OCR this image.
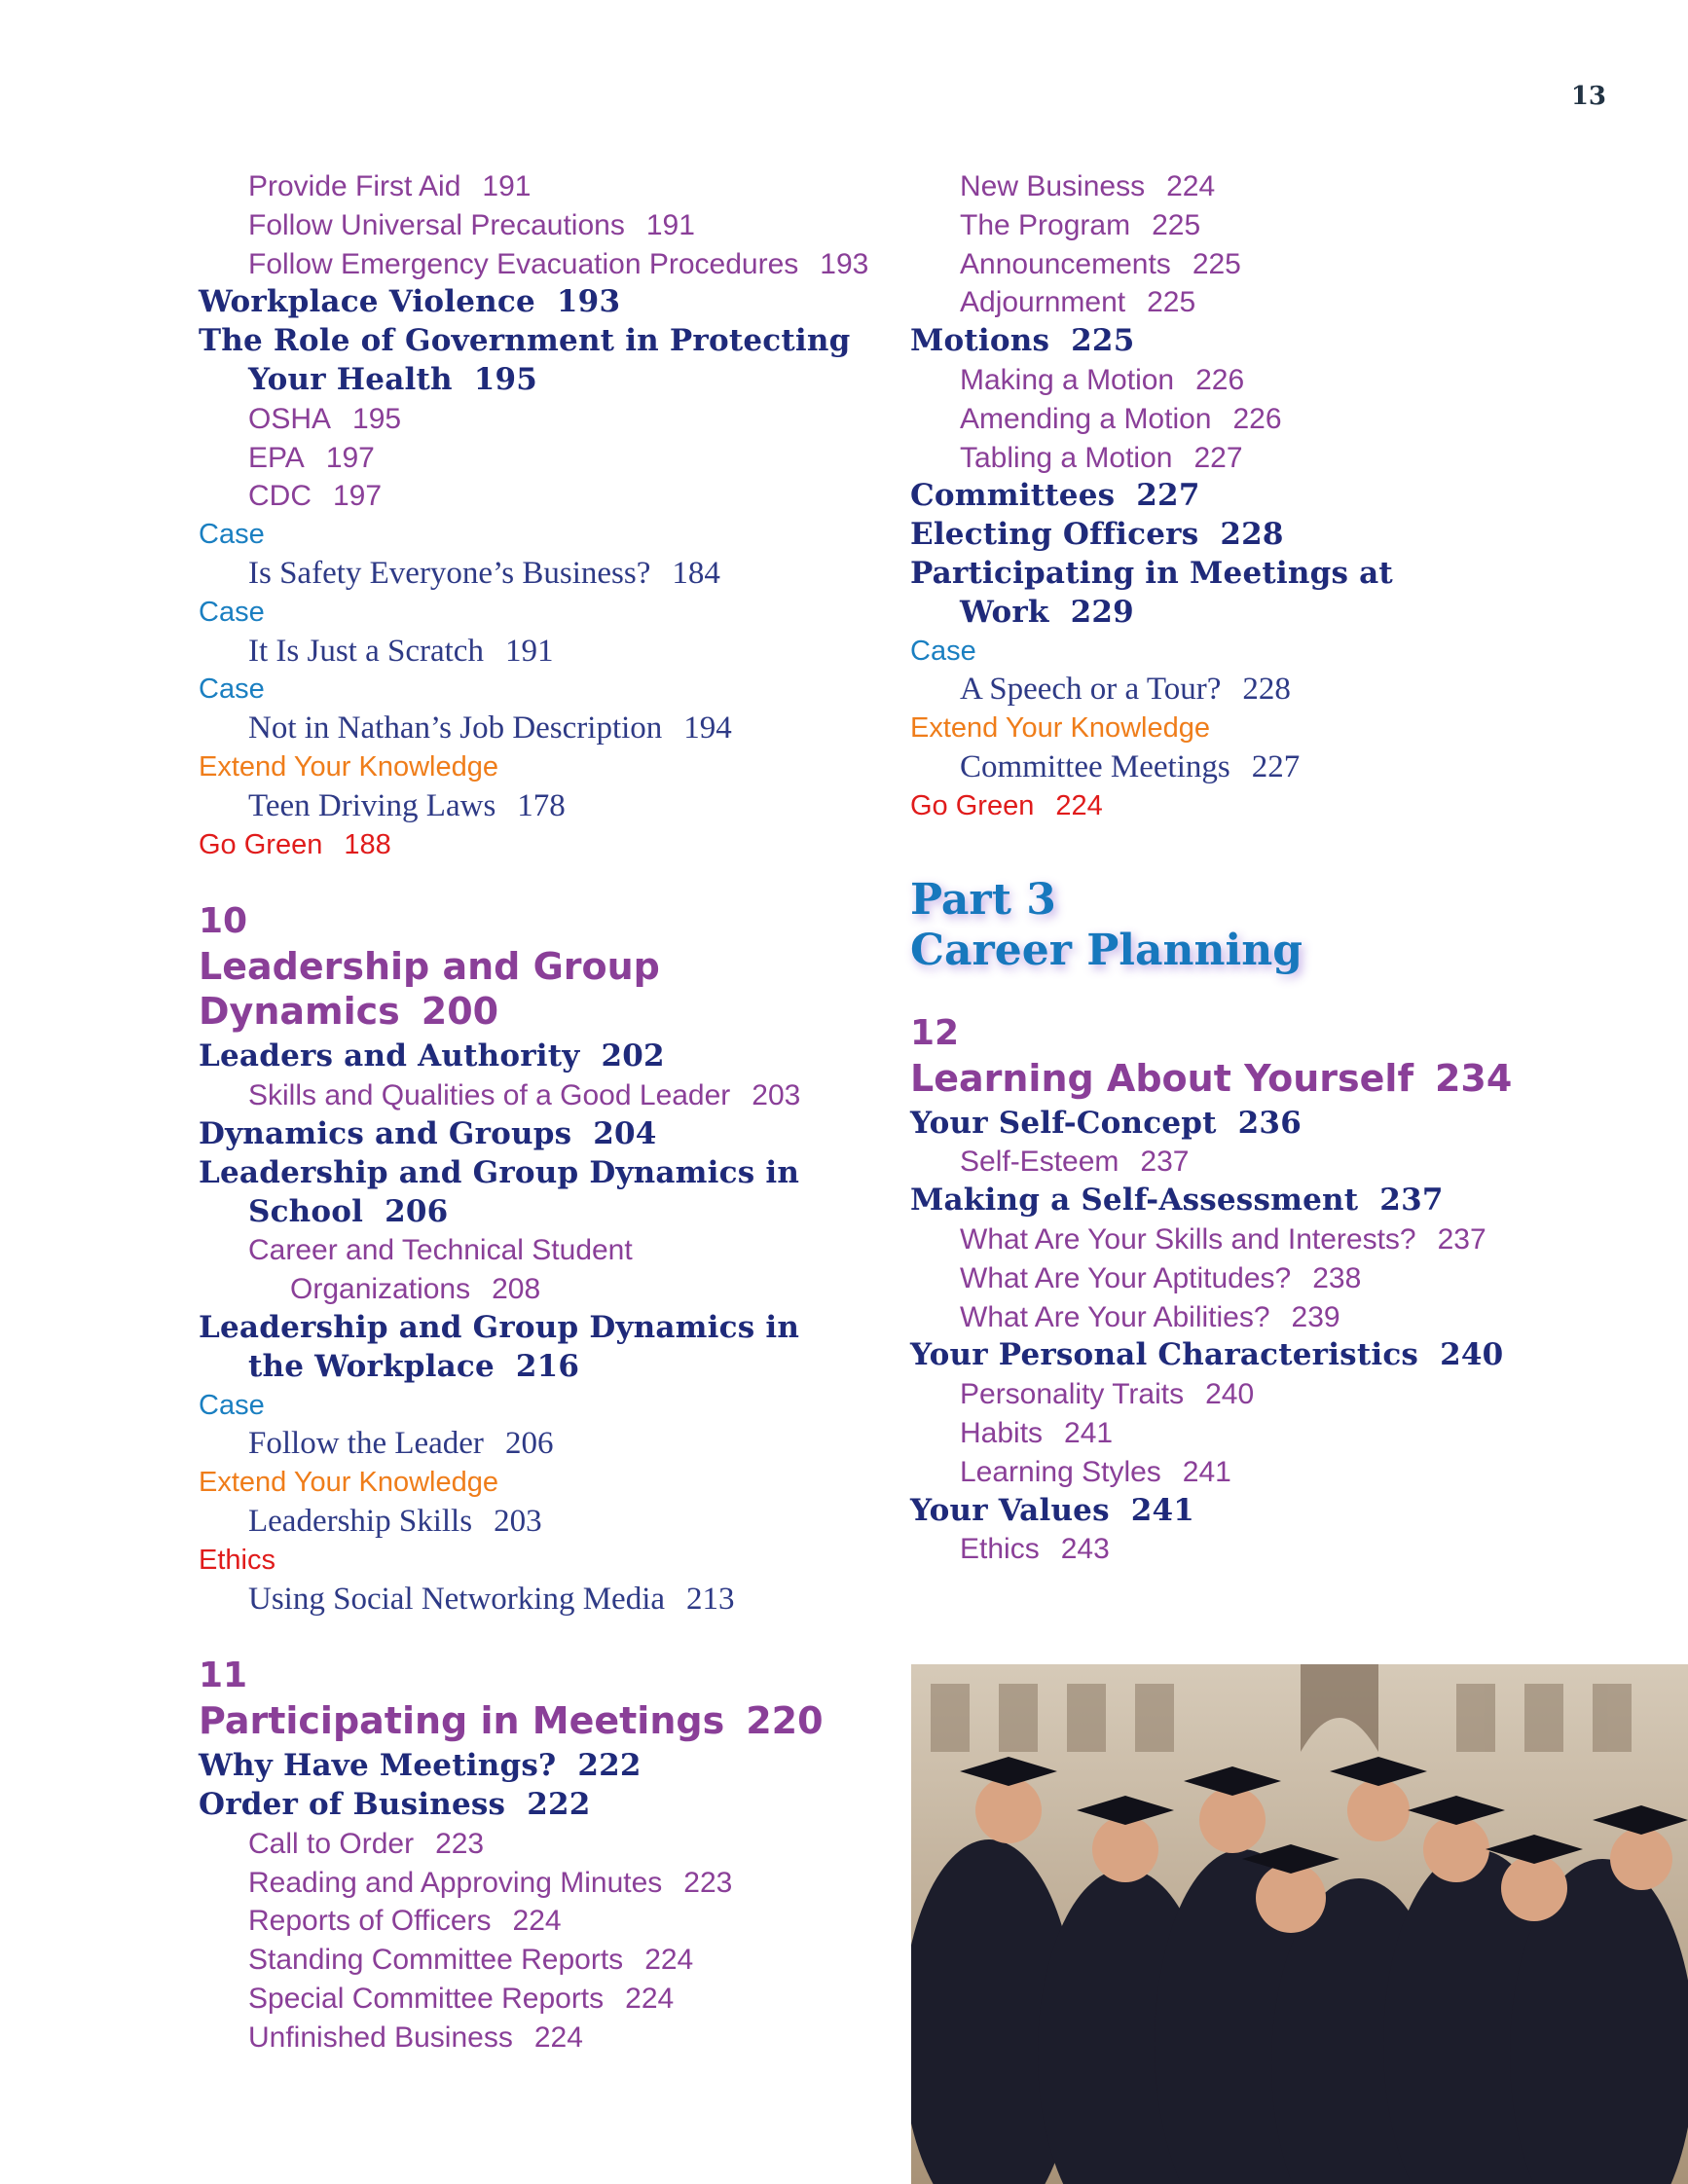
13
Provide First Aid 191
Follow Universal Precautions 191
Follow Emergency Evacuation Procedures 193
Workplace Violence 193
The Role of Government in Protecting
Your Health 195
OSHA 195
EPA 197
CDC 197
Case
Is Safety Everyone’s Business? 184
Case
It Is Just a Scratch 191
Case
Not in Nathan’s Job Description 194
Extend Your Knowledge
Teen Driving Laws 178
Go Green 188
10
Leadership and Group
Dynamics 200
Leaders and Authority 202
Skills and Qualities of a Good Leader 203
Dynamics and Groups 204
Leadership and Group Dynamics in
School 206
Career and Technical Student
Organizations 208
Leadership and Group Dynamics in
the Workplace 216
Case
Follow the Leader 206
Extend Your Knowledge
Leadership Skills 203
Ethics
Using Social Networking Media 213
11
Participating in Meetings 220
Why Have Meetings? 222
Order of Business 222
Call to Order 223
Reading and Approving Minutes 223
Reports of Officers 224
Standing Committee Reports 224
Special Committee Reports 224
Unfinished Business 224
New Business 224
The Program 225
Announcements 225
Adjournment 225
Motions 225
Making a Motion 226
Amending a Motion 226
Tabling a Motion 227
Committees 227
Electing Officers 228
Participating in Meetings at
Work 229
Case
A Speech or a Tour? 228
Extend Your Knowledge
Committee Meetings 227
Go Green 224
Part 3
Career Planning
12
Learning About Yourself 234
Your Self-Concept 236
Self-Esteem 237
Making a Self-Assessment 237
What Are Your Skills and Interests? 237
What Are Your Aptitudes? 238
What Are Your Abilities? 239
Your Personal Characteristics 240
Personality Traits 240
Habits 241
Learning Styles 241
Your Values 241
Ethics 243
